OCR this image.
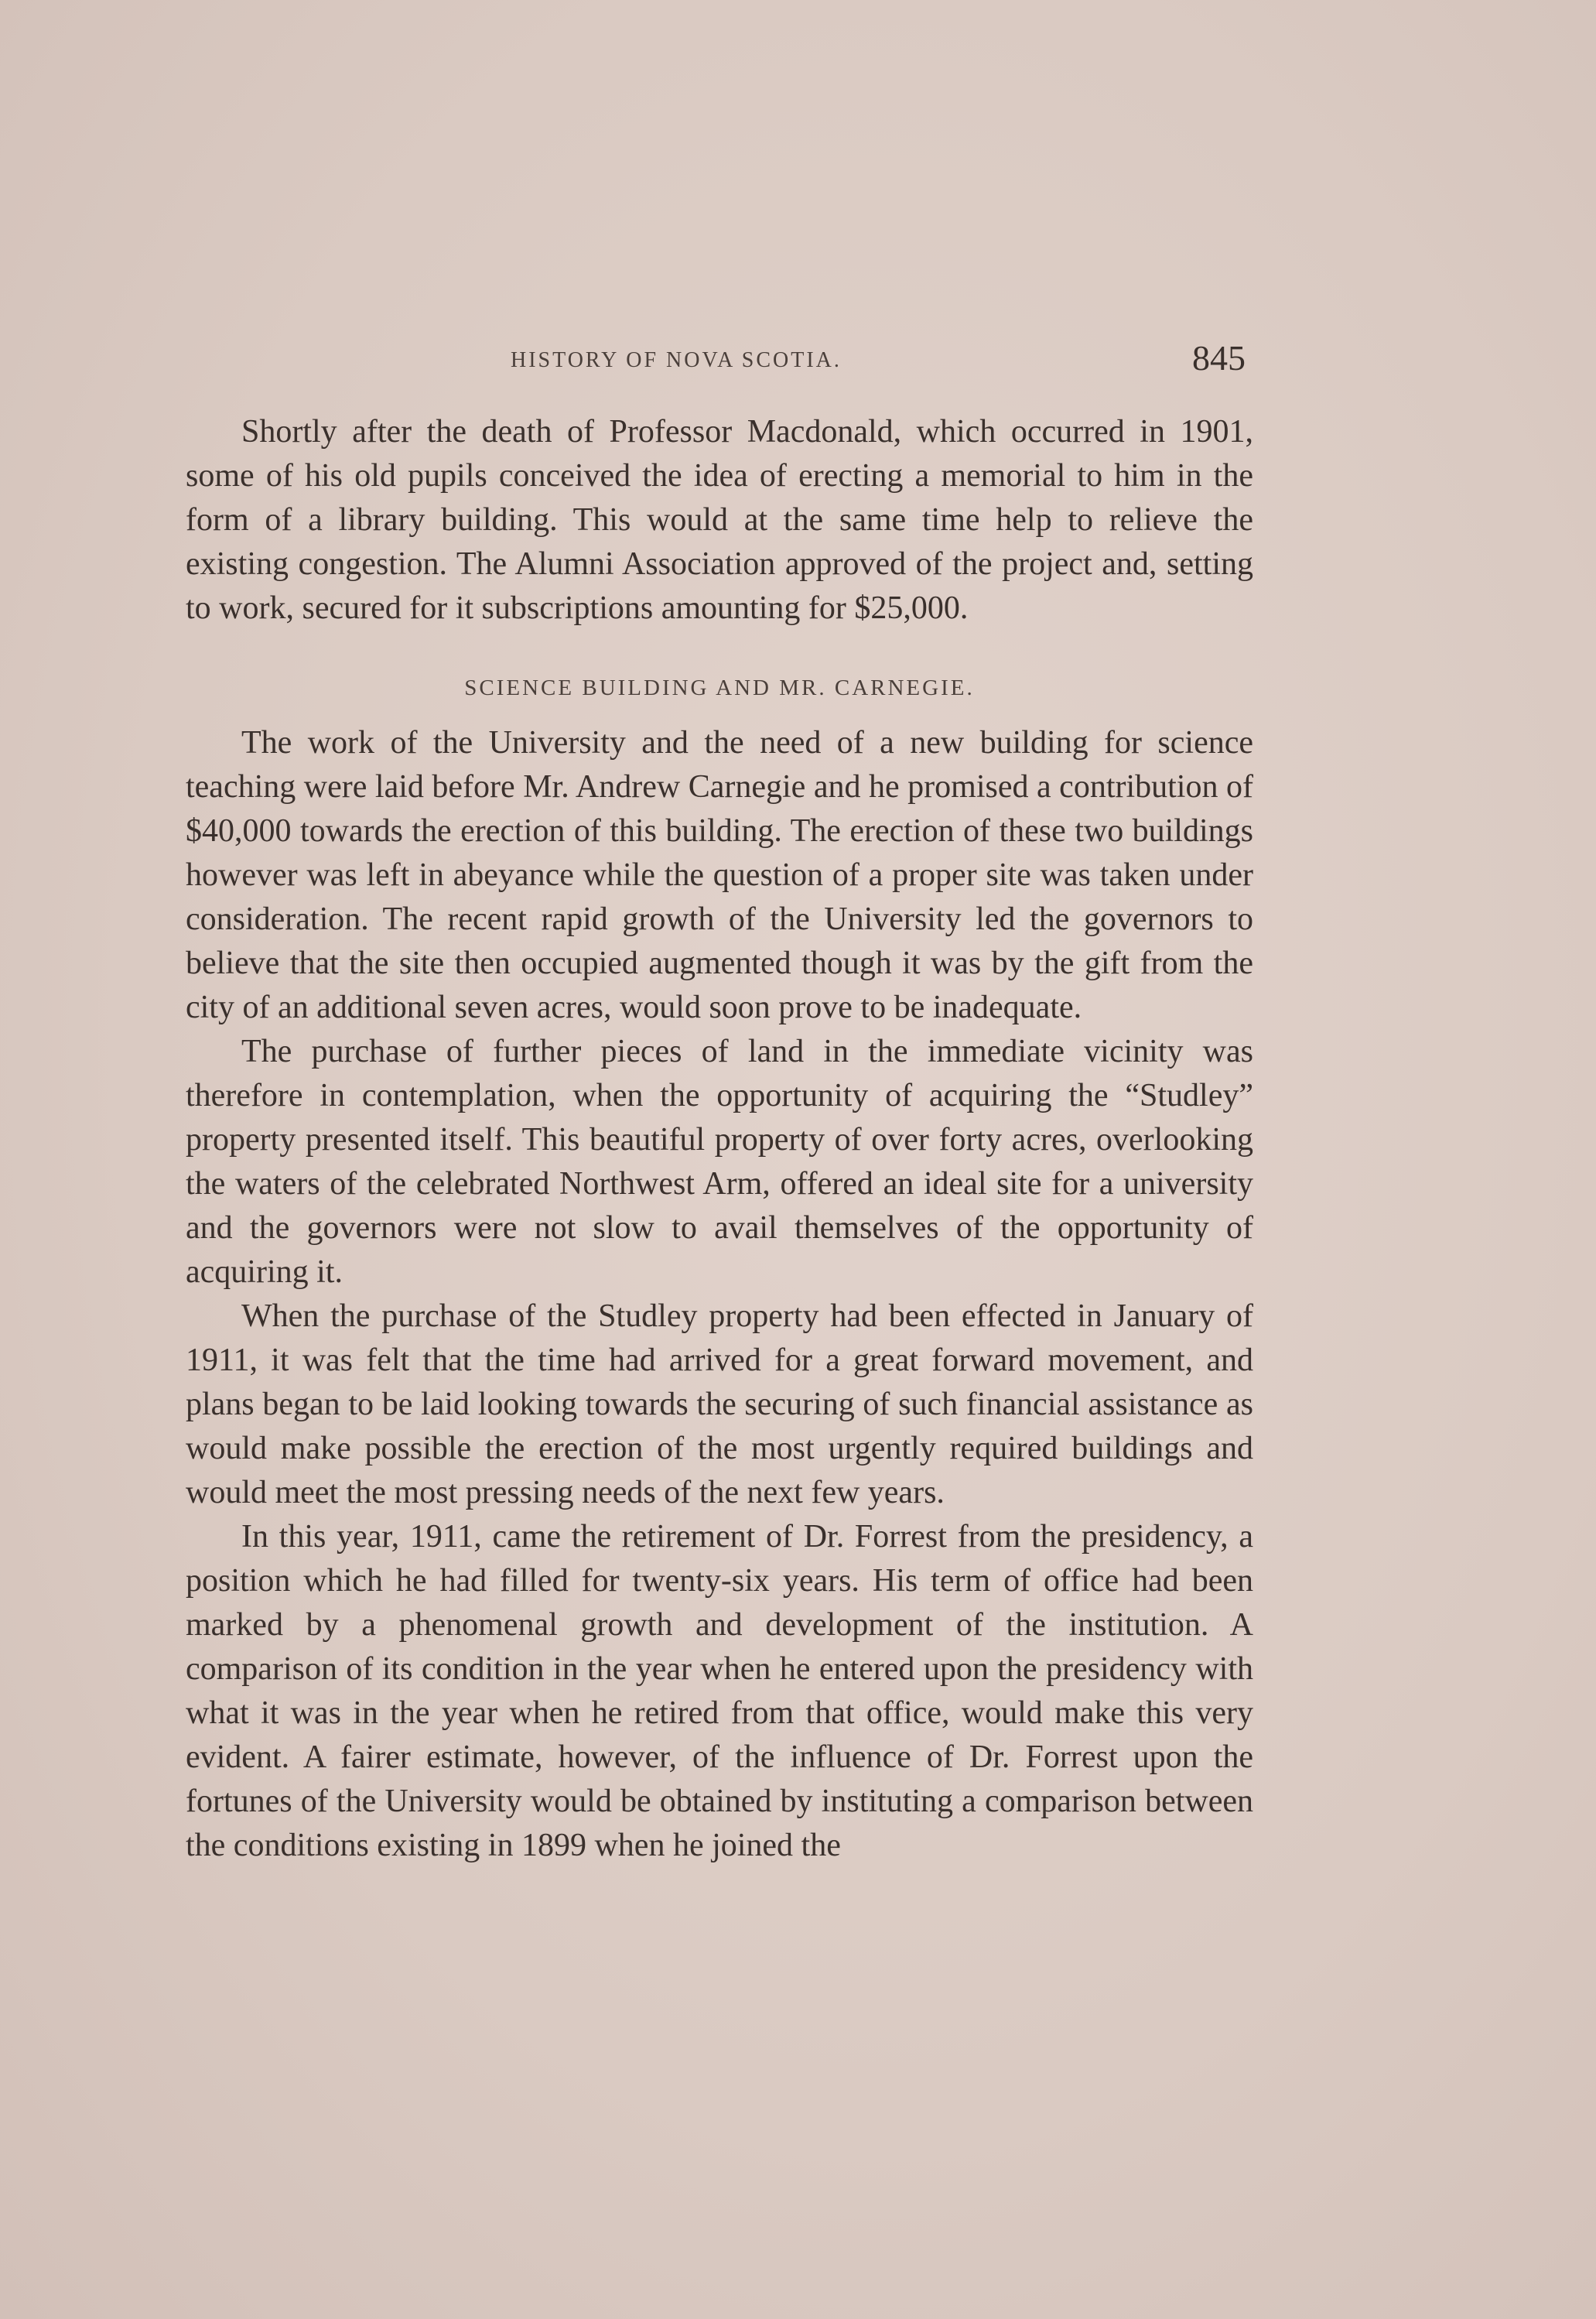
HISTORY OF NOVA SCOTIA.	845

Shortly after the death of Professor Macdonald, which occurred in 1901, some of his old pupils conceived the idea of erecting a memorial to him in the form of a library building. This would at the same time help to relieve the existing congestion. The Alumni Association approved of the project and, setting to work, secured for it subscriptions amounting for $25,000.

SCIENCE BUILDING AND MR. CARNEGIE.

The work of the University and the need of a new building for science teaching were laid before Mr. Andrew Carnegie and he promised a contribution of $40,000 towards the erection of this building. The erection of these two buildings however was left in abeyance while the question of a proper site was taken under consideration. The recent rapid growth of the University led the governors to believe that the site then occupied augmented though it was by the gift from the city of an additional seven acres, would soon prove to be inadequate.

The purchase of further pieces of land in the immediate vicinity was therefore in contemplation, when the opportunity of acquiring the “Studley” property presented itself. This beautiful property of over forty acres, overlooking the waters of the celebrated Northwest Arm, offered an ideal site for a university and the governors were not slow to avail themselves of the opportunity of acquiring it.

When the purchase of the Studley property had been effected in January of 1911, it was felt that the time had arrived for a great forward movement, and plans began to be laid looking towards the securing of such financial assistance as would make possible the erection of the most urgently required buildings and would meet the most pressing needs of the next few years.

In this year, 1911, came the retirement of Dr. Forrest from the presidency, a position which he had filled for twenty-six years. His term of office had been marked by a phenomenal growth and development of the institution. A comparison of its condition in the year when he entered upon the presidency with what it was in the year when he retired from that office, would make this very evident. A fairer estimate, however, of the influence of Dr. Forrest upon the fortunes of the University would be obtained by instituting a comparison between the conditions existing in 1899 when he joined the
